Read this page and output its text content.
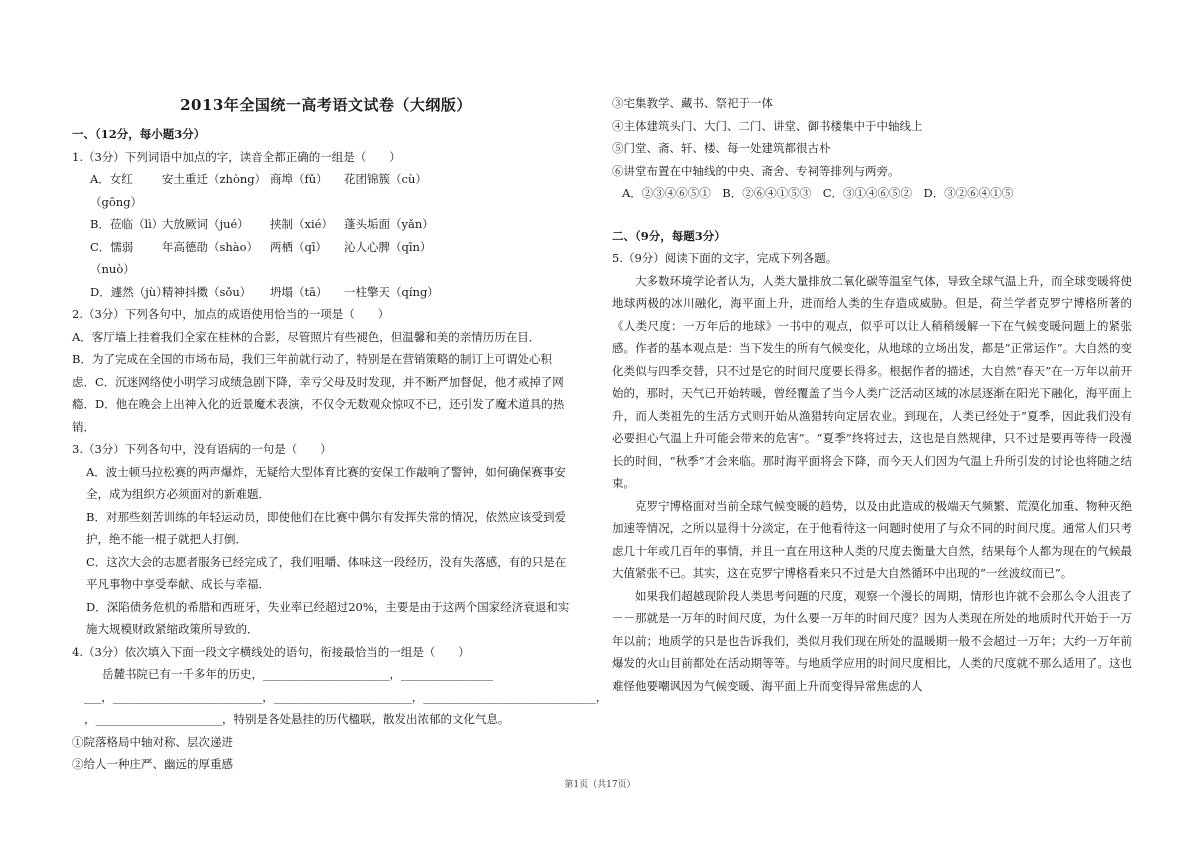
2013年全国统一高考语文试卷（大纲版）
一、（12分，每小题3分）
1.（3分）下列词语中加点的字，读音全都正确的一组是（　　）
A．女红（gōng）
安土重迁（zhòng） 商埠（fǔ）	花团锦簇（cù）
B．莅临（lì）
大放厥词（jué）	挟制（xié） 蓬头垢面（yǎn）
C．懦弱（nuò）
年高德劭（shào）	两栖（qī）	沁人心脾（qīn）
D．遽然（jù）
精神抖擞（sǒu）	坍塌（tā）	一柱擎天（qíng）
2.（3分）下列各句中，加点的成语使用恰当的一项是（　　）
A．客厅墙上挂着我们全家在桂林的合影，尽管照片有些褪色，但温馨和美的亲情历历在目．
B．为了完成在全国的市场布局，我们三年前就行动了，特别是在营销策略的制订上可谓处心积
虑．C．沉迷网络使小明学习成绩急剧下降，幸亏父母及时发现，并不断严加督促，他才戒掉了网
瘾．D．他在晚会上出神入化的近景魔术表演，不仅令无数观众惊叹不已，还引发了魔术道具的热
销．
3.（3分）下列各句中，没有语病的一句是（　　）
A．波士顿马拉松赛的两声爆炸，无疑给大型体育比赛的安保工作敲响了警钟，如何确保赛事安
全，成为组织方必须面对的新难题．
B．对那些刻苦训练的年轻运动员，即使他们在比赛中偶尔有发挥失常的情况，依然应该受到爱
护，绝不能一棍子就把人打倒．
C．这次大会的志愿者服务已经完成了，我们咀嚼、体味这一段经历，没有失落感，有的只是在
平凡事物中享受奉献、成长与幸福．
D．深陷债务危机的希腊和西班牙，失业率已经超过20%，主要是由于这两个国家经济衰退和实
施大规模财政紧缩政策所导致的．
4.（3分）依次填入下面一段文字横线处的语句，衔接最恰当的一组是（　　）
岳麓书院已有一千多年的历史，______________________，________________
___，__________________________，________________________，______________________________，
，______________________，特别是各处悬挂的历代楹联，散发出浓郁的文化气息。
①院落格局中轴对称、层次递进
②给人一种庄严、幽远的厚重感
③宅集教学、藏书、祭祀于一体
④主体建筑头门、大门、二门、讲堂、御书楼集中于中轴线上
⑤门堂、斋、轩、楼、每一处建筑都很古朴
⑥讲堂布置在中轴线的中央、斋舍、专祠等排列与两旁。
A．②③④⑥⑤①　B．②⑥④①⑤③　C．③①④⑥⑤②　D．③②⑥④①⑤
二、（9分，每题3分）
5.（9分）阅读下面的文字，完成下列各题。
大多数环境学论者认为，人类大量排放二氧化碳等温室气体，导致全球气温上升，而全球变暖将使地球两极的冰川融化，海平面上升，进而给人类的生存造成威胁。但是，荷兰学者克罗宁博格所著的《人类尺度：一万年后的地球》一书中的观点，似乎可以让人稍稍缓解一下在气候变暖问题上的紧张感。作者的基本观点是：当下发生的所有气候变化，从地球的立场出发，都是“正常运作”。大自然的变化类似与四季交替，只不过是它的时间尺度要长得多。根据作者的描述，大自然“春天”在一万年以前开始的，那时，天气已开始转暖，曾经覆盖了当今人类广泛活动区域的冰层逐渐在阳光下融化，海平面上升，而人类祖先的生活方式则开始从渔猎转向定居农业。到现在，人类已经处于“夏季，因此我们没有必要担心气温上升可能会带来的危害”。“夏季”终将过去，这也是自然规律，只不过是要再等待一段漫长的时间，“秋季”才会来临。那时海平面将会下降，而今天人们因为气温上升所引发的讨论也将随之结束。
克罗宁博格面对当前全球气候变暖的趋势，以及由此造成的极端天气频繁、荒漠化加重、物种灭绝加速等情况，之所以显得十分淡定，在于他看待这一问题时使用了与众不同的时间尺度。通常人们只考虑几十年或几百年的事情，并且一直在用这种人类的尺度去衡量大自然，结果每个人都为现在的气候最大值紧张不已。其实，这在克罗宁博格看来只不过是大自然循环中出现的“一丝波纹而已”。
如果我们超越现阶段人类思考问题的尺度，观察一个漫长的周期，情形也许就不会那么令人沮丧了－－那就是一万年的时间尺度，为什么要一万年的时间尺度？因为人类现在所处的地质时代开始于一万年以前；地质学的只是也告诉我们，类似月我们现在所处的温暖期一般不会超过一万年；大约一万年前爆发的火山目前都处在活动期等等。与地质学应用的时间尺度相比，人类的尺度就不那么适用了。这也难怪他要嘲讽因为气候变暖、海平面上升而变得异常焦虑的人
第1页（共17页）
